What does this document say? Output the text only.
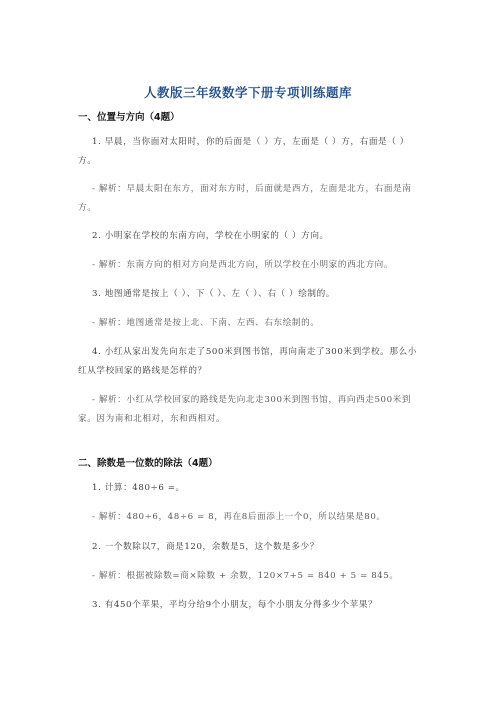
人教版三年级数学下册专项训练题库
一、位置与方向（4题）
1. 早晨，当你面对太阳时，你的后面是（ ）方，左面是（ ）方，右面是（ ）方。
- 解析：早晨太阳在东方，面对东方时，后面就是西方，左面是北方，右面是南方。
2. 小明家在学校的东南方向，学校在小明家的（ ）方向。
- 解析：东南方向的相对方向是西北方向，所以学校在小明家的西北方向。
3. 地图通常是按上（ ）、下（ ）、左（ ）、右（ ）绘制的。
- 解析：地图通常是按上北、下南、左西、右东绘制的。
4. 小红从家出发先向东走了500米到图书馆，再向南走了300米到学校。那么小红从学校回家的路线是怎样的？
- 解析：小红从学校回家的路线是先向北走300米到图书馆，再向西走500米到家。因为南和北相对，东和西相对。
二、除数是一位数的除法（4题）
1. 计算：480÷6 =。
- 解析：480÷6，48÷6 = 8，再在8后面添上一个0，所以结果是80。
2. 一个数除以7，商是120，余数是5，这个数是多少？
- 解析：根据被除数=商×除数 + 余数，120×7+5 = 840 + 5 = 845。
3. 有450个苹果，平均分给9个小朋友，每个小朋友分得多少个苹果？
